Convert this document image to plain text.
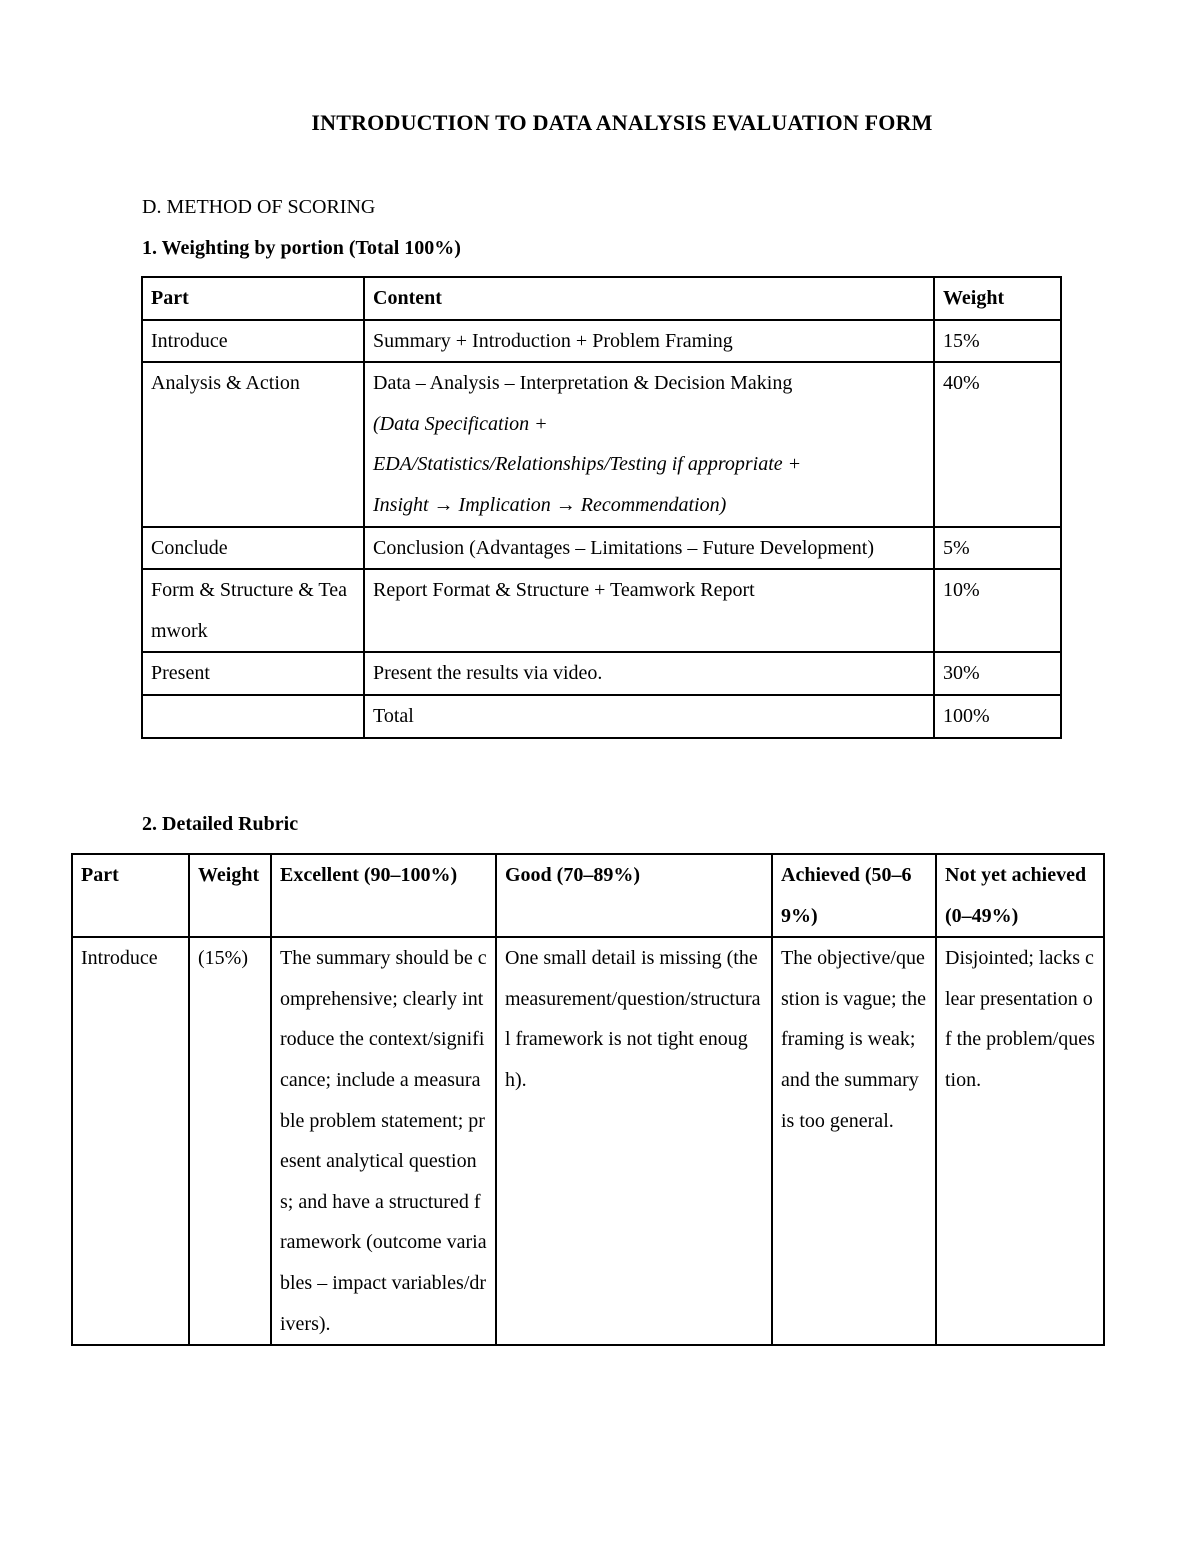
INTRODUCTION TO DATA ANALYSIS EVALUATION FORM
D. METHOD OF SCORING
1. Weighting by portion (Total 100%)
Part	Content	Weight
Introduce	Summary + Introduction + Problem Framing	15%
Analysis & Action	Data – Analysis – Interpretation & Decision Making
(Data Specification +
EDA/Statistics/Relationships/Testing if appropriate +
Insight → Implication → Recommendation)	40%
Conclude	Conclusion (Advantages – Limitations – Future Development)	5%
Form & Structure & Teamwork	Report Format & Structure + Teamwork Report	10%
Present	Present the results via video.	30%
	Total	100%
2. Detailed Rubric
Part	Weight	Excellent (90–100%)	Good (70–89%)	Achieved (50–69%)	Not yet achieved (0–49%)
Introduce	(15%)	The summary should be comprehensive; clearly introduce the context/significance; include a measurable problem statement; present analytical questions; and have a structured framework (outcome variables – impact variables/drivers).	One small detail is missing (the measurement/question/structural framework is not tight enough).	The objective/question is vague; the framing is weak; and the summary is too general.	Disjointed; lacks clear presentation of the problem/question.
